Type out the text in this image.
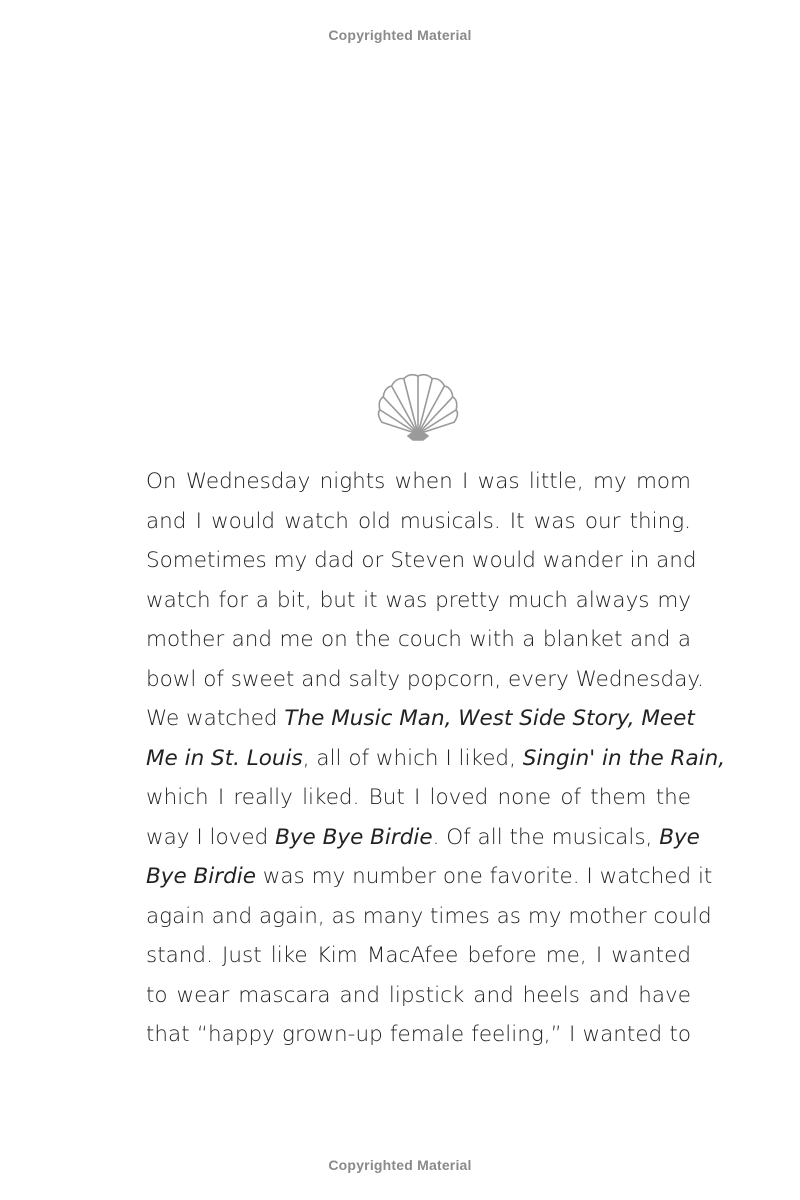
Copyrighted Material
On Wednesday nights when I was little, my mom
and I would watch old musicals. It was our thing.
Sometimes my dad or Steven would wander in and
watch for a bit, but it was pretty much always my
mother and me on the couch with a blanket and a
bowl of sweet and salty popcorn, every Wednesday.
We watched The Music Man, West Side Story, Meet
Me in St. Louis, all of which I liked, Singin' in the Rain,
which I really liked. But I loved none of them the
way I loved Bye Bye Birdie. Of all the musicals, Bye
Bye Birdie was my number one favorite. I watched it
again and again, as many times as my mother could
stand. Just like Kim MacAfee before me, I wanted
to wear mascara and lipstick and heels and have
that “happy grown-up female feeling,” I wanted to
Copyrighted Material
